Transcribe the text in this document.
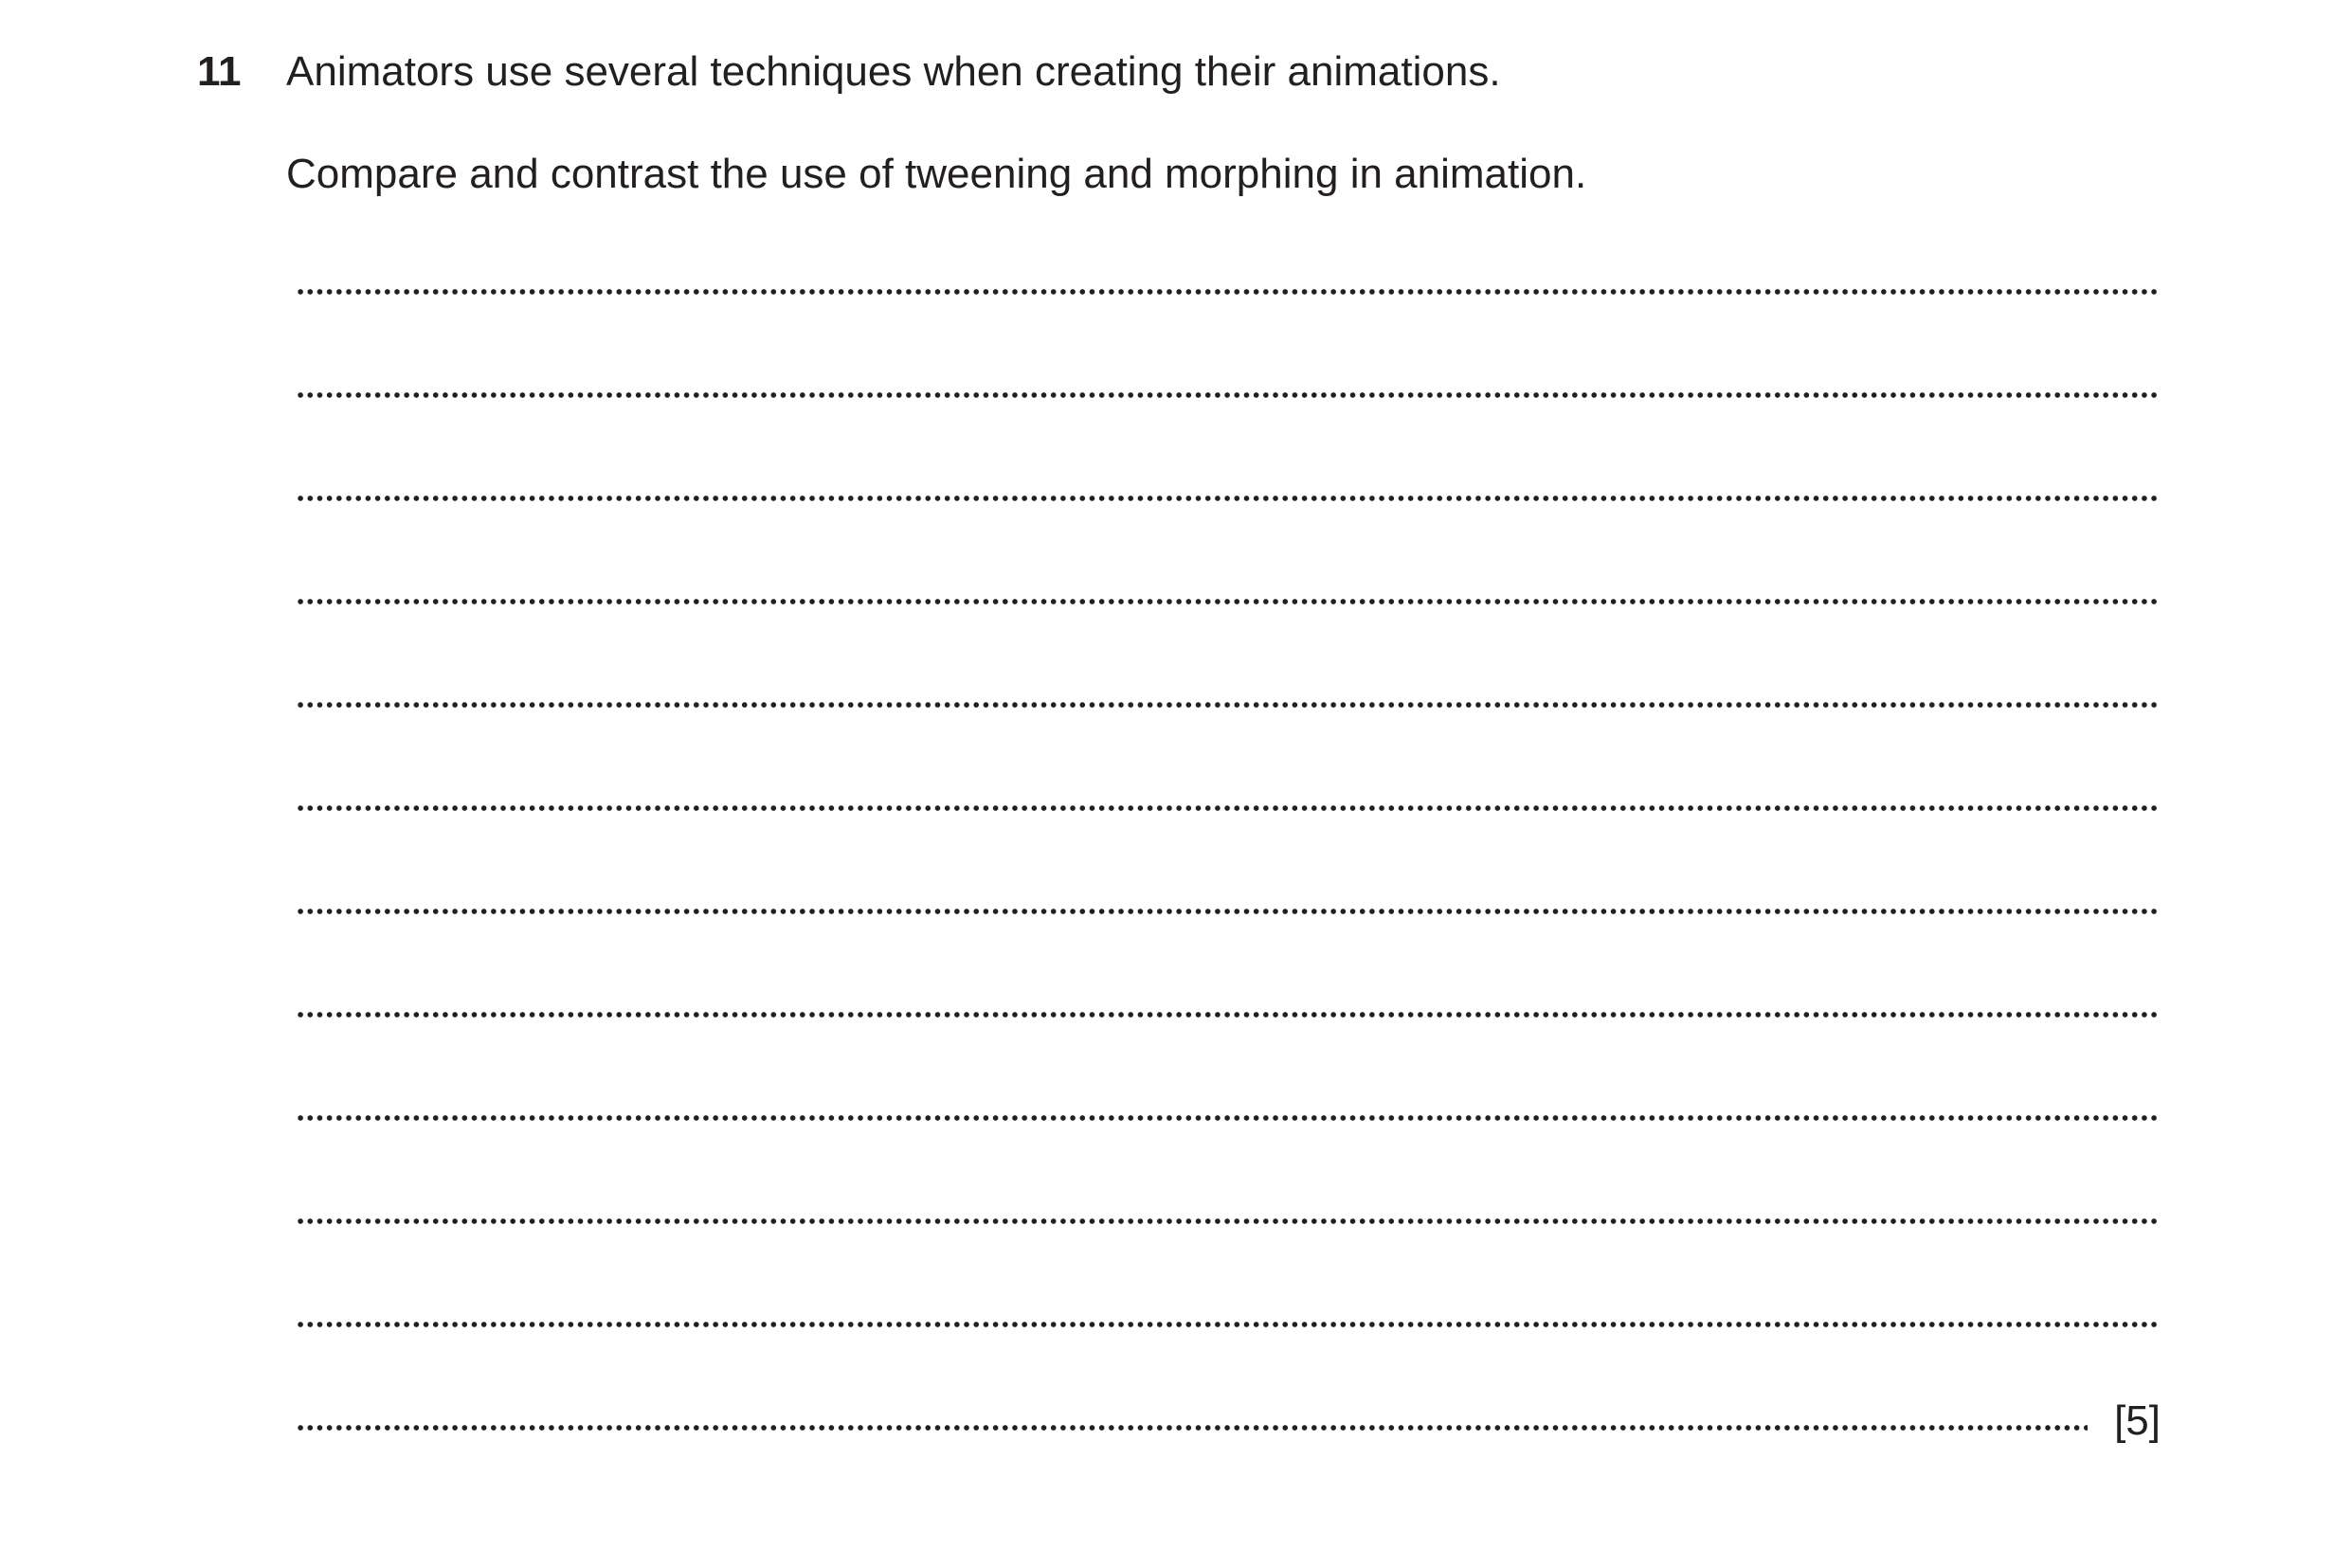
11 Animators use several techniques when creating their animations.
Compare and contrast the use of tweening and morphing in animation.
[5]
